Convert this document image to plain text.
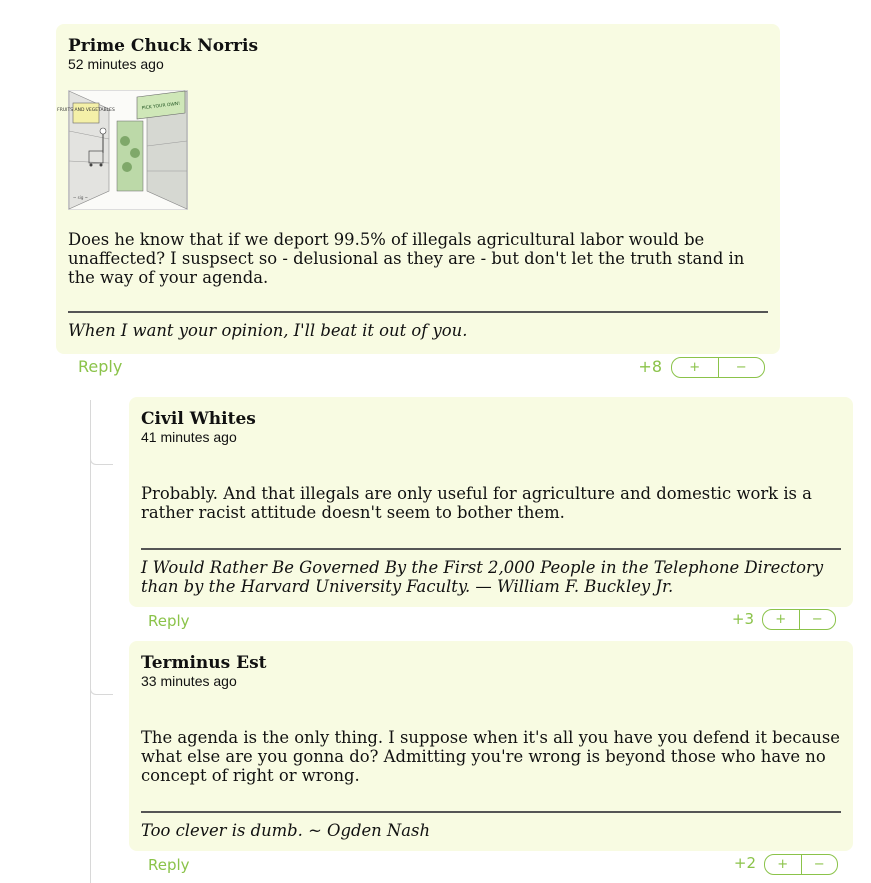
Prime Chuck Norris
52 minutes ago
FRUITS AND VEGETABLES	PICK YOUR OWN!
~ sig ~
Does he know that if we deport 99.5% of illegals agricultural labor would be unaffected? I suspsect so - delusional as they are - but don't let the truth stand in the way of your agenda.
When I want your opinion, I'll beat it out of you.
Reply	+8	+	−
Civil Whites
41 minutes ago
Probably. And that illegals are only useful for agriculture and domestic work is a rather racist attitude doesn't seem to bother them.
I Would Rather Be Governed By the First 2,000 People in the Telephone Directory than by the Harvard University Faculty. — William F. Buckley Jr.
Reply	+3	+	−
Terminus Est
33 minutes ago
The agenda is the only thing. I suppose when it's all you have you defend it because what else are you gonna do? Admitting you're wrong is beyond those who have no concept of right or wrong.
Too clever is dumb. ~ Ogden Nash
Reply	+2	+	−
